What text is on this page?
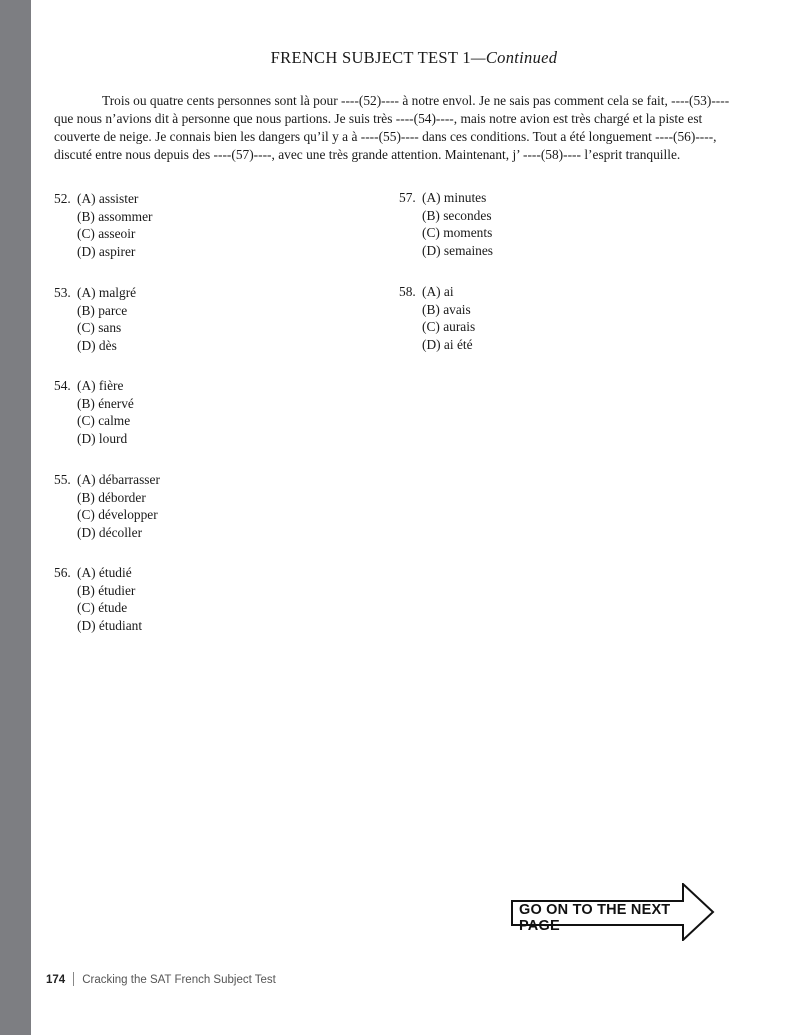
FRENCH SUBJECT TEST 1—Continued

Trois ou quatre cents personnes sont là pour ----(52)---- à notre envol. Je ne sais pas comment cela se fait, ----(53)---- que nous n’avions dit à personne que nous partions. Je suis très ----(54)----, mais notre avion est très chargé et la piste est couverte de neige. Je connais bien les dangers qu’il y a à ----(55)---- dans ces conditions. Tout a été longuement ----(56)----, discuté entre nous depuis des ----(57)----, avec une très grande attention. Maintenant, j’ ----(58)---- l’esprit tranquille.

52. (A) assister
(B) assommer
(C) asseoir
(D) aspirer
53. (A) malgré
(B) parce
(C) sans
(D) dès
54. (A) fière
(B) énervé
(C) calme
(D) lourd
55. (A) débarrasser
(B) déborder
(C) développer
(D) décoller
56. (A) étudié
(B) étudier
(C) étude
(D) étudiant
57. (A) minutes
(B) secondes
(C) moments
(D) semaines
58. (A) ai
(B) avais
(C) aurais
(D) ai été
GO ON TO THE NEXT PAGE
174 Cracking the SAT French Subject Test
